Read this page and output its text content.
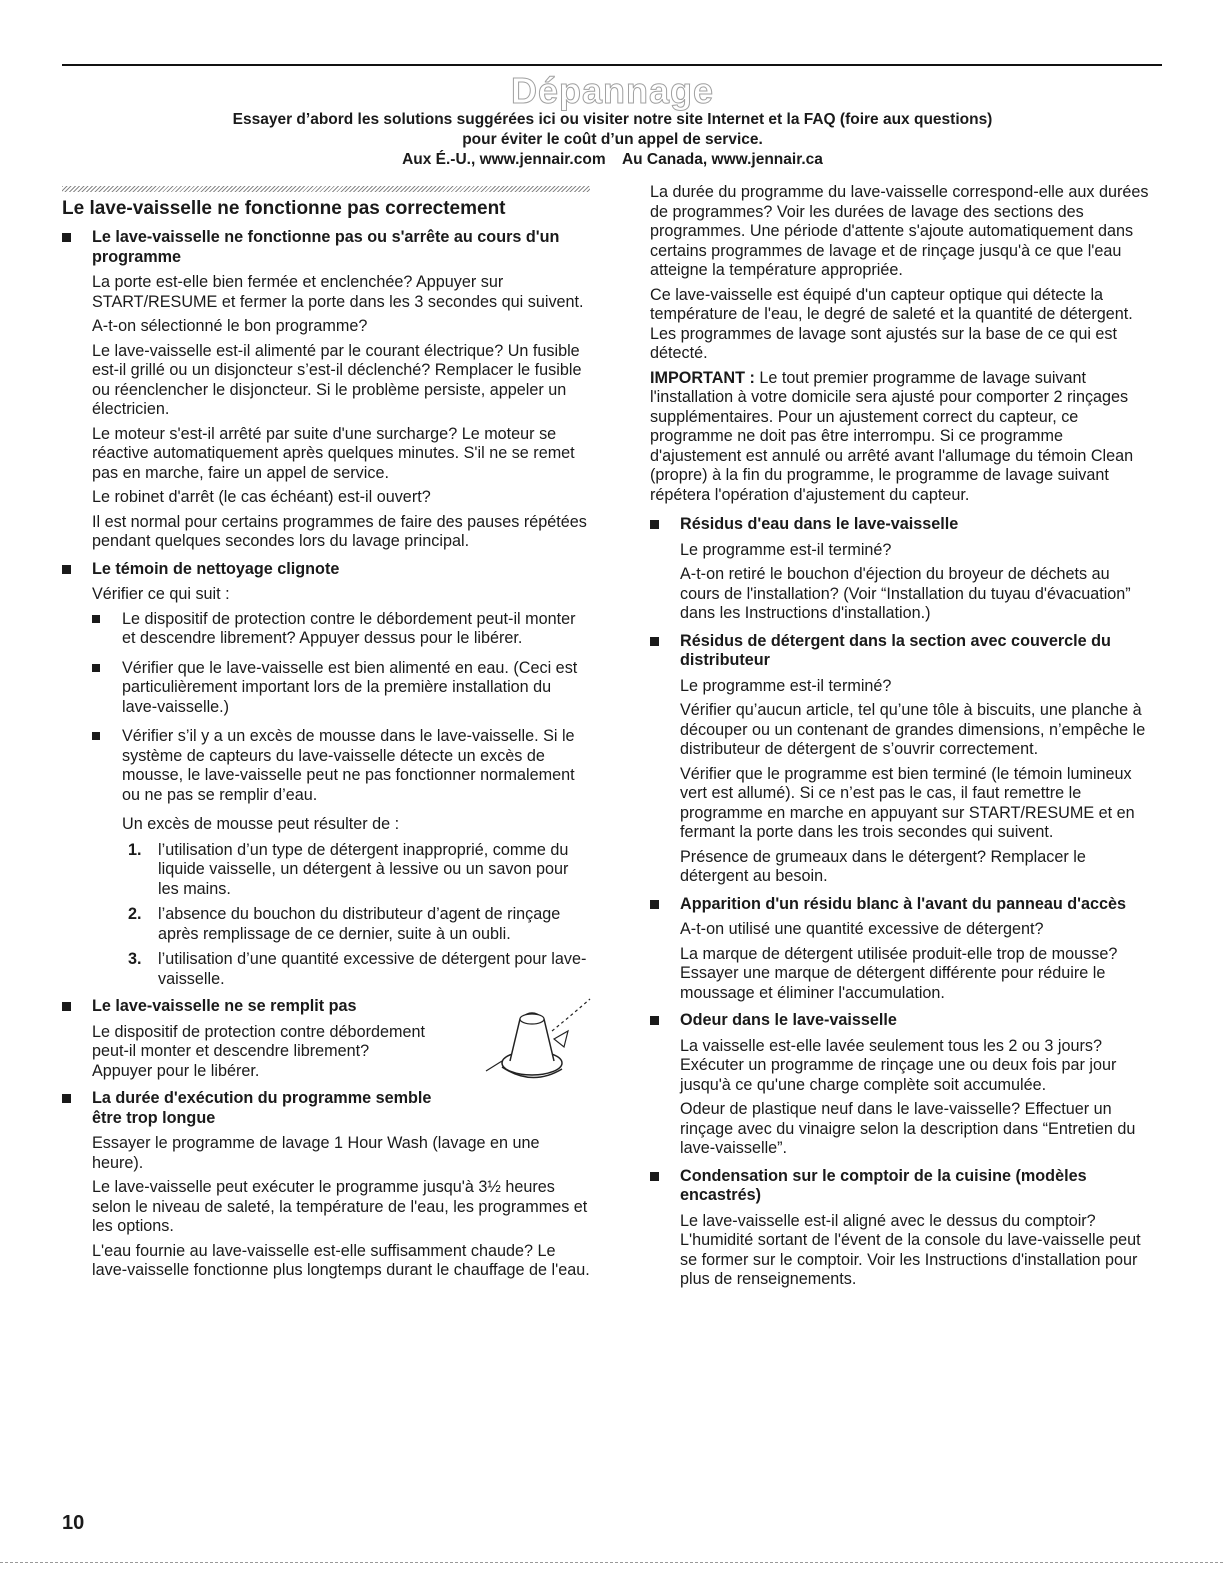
Dépannage
Essayer d’abord les solutions suggérées ici ou visiter notre site Internet et la FAQ (foire aux questions)
pour éviter le coût d’un appel de service.
Aux É.-U., www.jennair.com Au Canada, www.jennair.ca
Le lave-vaisselle ne fonctionne pas correctement
Le lave-vaisselle ne fonctionne pas ou s'arrête au cours d'un programme
La porte est-elle bien fermée et enclenchée? Appuyer sur START/RESUME et fermer la porte dans les 3 secondes qui suivent.
A-t-on sélectionné le bon programme?
Le lave-vaisselle est-il alimenté par le courant électrique? Un fusible est-il grillé ou un disjoncteur s’est-il déclenché? Remplacer le fusible ou réenclencher le disjoncteur. Si le problème persiste, appeler un électricien.
Le moteur s'est-il arrêté par suite d'une surcharge? Le moteur se réactive automatiquement après quelques minutes. S'il ne se remet pas en marche, faire un appel de service.
Le robinet d'arrêt (le cas échéant) est-il ouvert?
Il est normal pour certains programmes de faire des pauses répétées pendant quelques secondes lors du lavage principal.
Le témoin de nettoyage clignote
Vérifier ce qui suit :
Le dispositif de protection contre le débordement peut-il monter et descendre librement? Appuyer dessus pour le libérer.
Vérifier que le lave-vaisselle est bien alimenté en eau. (Ceci est particulièrement important lors de la première installation du lave-vaisselle.)
Vérifier s’il y a un excès de mousse dans le lave-vaisselle. Si le système de capteurs du lave-vaisselle détecte un excès de mousse, le lave-vaisselle peut ne pas fonctionner normalement ou ne pas se remplir d’eau.
Un excès de mousse peut résulter de :
1. l’utilisation d’un type de détergent inapproprié, comme du liquide vaisselle, un détergent à lessive ou un savon pour les mains.
2. l’absence du bouchon du distributeur d’agent de rinçage après remplissage de ce dernier, suite à un oubli.
3. l’utilisation d’une quantité excessive de détergent pour lave-vaisselle.
Le lave-vaisselle ne se remplit pas
Le dispositif de protection contre débordement peut-il monter et descendre librement? Appuyer pour le libérer.
La durée d'exécution du programme semble être trop longue
Essayer le programme de lavage 1 Hour Wash (lavage en une heure).
Le lave-vaisselle peut exécuter le programme jusqu'à 3½ heures selon le niveau de saleté, la température de l'eau, les programmes et les options.
L'eau fournie au lave-vaisselle est-elle suffisamment chaude? Le lave-vaisselle fonctionne plus longtemps durant le chauffage de l'eau.
La durée du programme du lave-vaisselle correspond-elle aux durées de programmes? Voir les durées de lavage des sections des programmes. Une période d'attente s'ajoute automatiquement dans certains programmes de lavage et de rinçage jusqu'à ce que l'eau atteigne la température appropriée.
Ce lave-vaisselle est équipé d'un capteur optique qui détecte la température de l'eau, le degré de saleté et la quantité de détergent. Les programmes de lavage sont ajustés sur la base de ce qui est détecté.
IMPORTANT : Le tout premier programme de lavage suivant l'installation à votre domicile sera ajusté pour comporter 2 rinçages supplémentaires. Pour un ajustement correct du capteur, ce programme ne doit pas être interrompu. Si ce programme d'ajustement est annulé ou arrêté avant l'allumage du témoin Clean (propre) à la fin du programme, le programme de lavage suivant répétera l'opération d'ajustement du capteur.
Résidus d'eau dans le lave-vaisselle
Le programme est-il terminé?
A-t-on retiré le bouchon d'éjection du broyeur de déchets au cours de l'installation? (Voir “Installation du tuyau d'évacuation” dans les Instructions d'installation.)
Résidus de détergent dans la section avec couvercle du distributeur
Le programme est-il terminé?
Vérifier qu’aucun article, tel qu’une tôle à biscuits, une planche à découper ou un contenant de grandes dimensions, n’empêche le distributeur de détergent de s’ouvrir correctement.
Vérifier que le programme est bien terminé (le témoin lumineux vert est allumé). Si ce n’est pas le cas, il faut remettre le programme en marche en appuyant sur START/RESUME et en fermant la porte dans les trois secondes qui suivent.
Présence de grumeaux dans le détergent? Remplacer le détergent au besoin.
Apparition d'un résidu blanc à l'avant du panneau d'accès
A-t-on utilisé une quantité excessive de détergent?
La marque de détergent utilisée produit-elle trop de mousse? Essayer une marque de détergent différente pour réduire le moussage et éliminer l'accumulation.
Odeur dans le lave-vaisselle
La vaisselle est-elle lavée seulement tous les 2 ou 3 jours? Exécuter un programme de rinçage une ou deux fois par jour jusqu'à ce qu'une charge complète soit accumulée.
Odeur de plastique neuf dans le lave-vaisselle? Effectuer un rinçage avec du vinaigre selon la description dans “Entretien du lave-vaisselle”.
Condensation sur le comptoir de la cuisine (modèles encastrés)
Le lave-vaisselle est-il aligné avec le dessus du comptoir? L'humidité sortant de l'évent de la console du lave-vaisselle peut se former sur le comptoir. Voir les Instructions d'installation pour plus de renseignements.
10
